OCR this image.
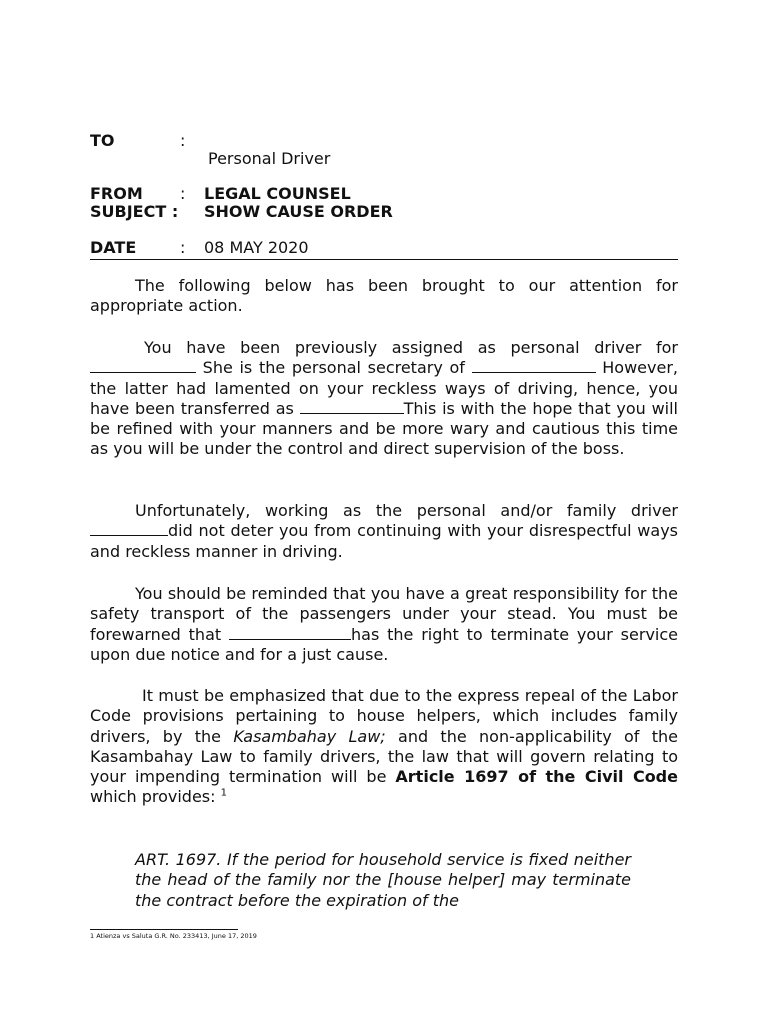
TO	:
Personal Driver
FROM : LEGAL COUNSEL
SUBJECT : SHOW CAUSE ORDER
DATE	: 08 MAY 2020

The following below has been brought to our attention for appropriate action.

You have been previously assigned as personal driver for  She is the personal secretary of	However, the latter had lamented on your reckless ways of driving, hence, you have been transferred as	This is with the hope that you will be refined with your manners and be more wary and cautious this time as you will be under the control and direct supervision of the boss.

Unfortunately, working as the personal and/or family driver did not deter you from continuing with your disrespectful ways and reckless manner in driving.

You should be reminded that you have a great responsibility for the safety transport of the passengers under your stead. You must be forewarned that	has the right to terminate your service upon due notice and for a just cause.

It must be emphasized that due to the express repeal of the Labor Code provisions pertaining to house helpers, which includes family drivers, by the Kasambahay Law; and the non-applicability of the Kasambahay Law to family drivers, the law that will govern relating to your impending termination will be Article 1697 of the Civil Code which provides: $^1$

ART. 1697. If the period for household service is fixed neither the head of the family nor the [house helper] may terminate the contract before the expiration of the

1 Atienza vs Saluta G.R. No. 233413, June 17, 2019
